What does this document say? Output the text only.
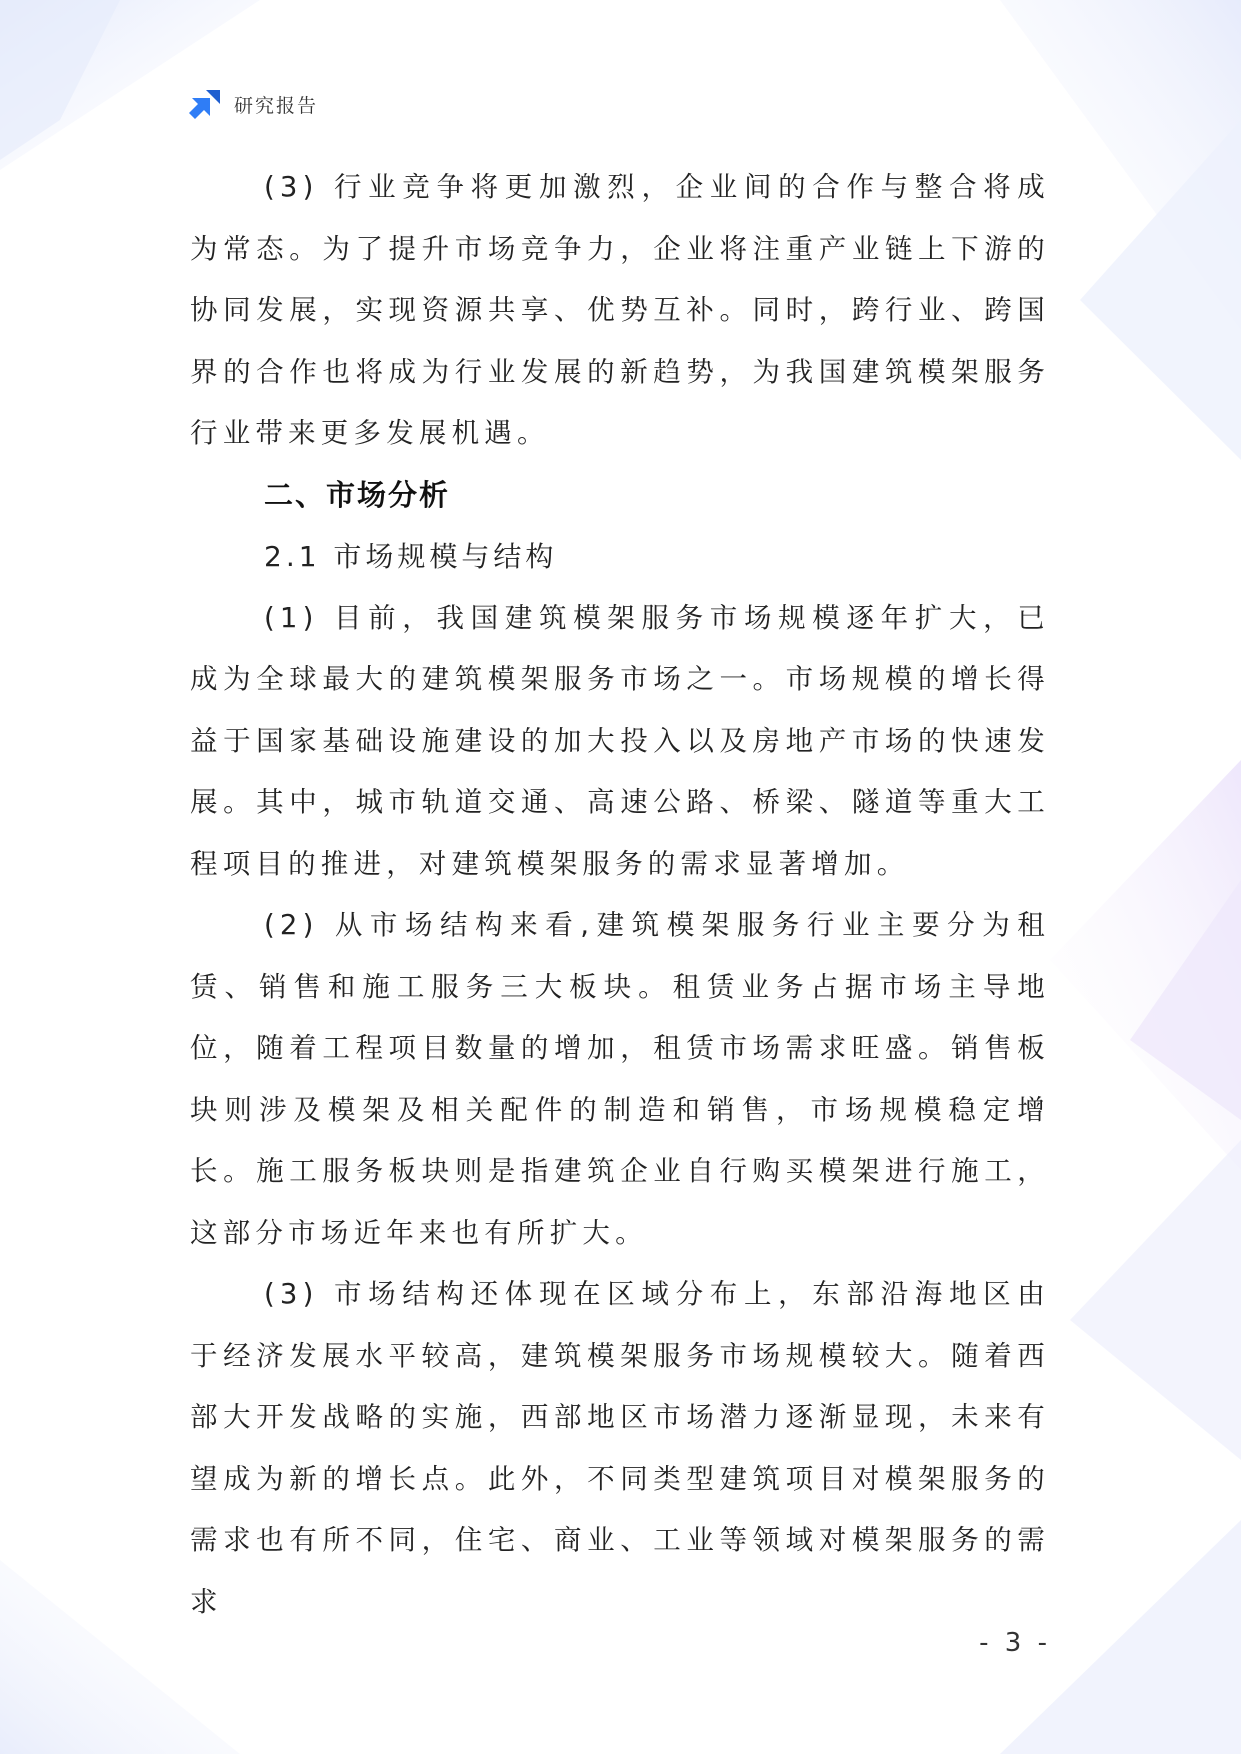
研究报告

(3) 行业竞争将更加激烈，企业间的合作与整合将成为常态。为了提升市场竞争力，企业将注重产业链上下游的协同发展，实现资源共享、优势互补。同时，跨行业、跨国界的合作也将成为行业发展的新趋势，为我国建筑模架服务行业带来更多发展机遇。

二、市场分析

2.1 市场规模与结构

(1) 目前，我国建筑模架服务市场规模逐年扩大，已成为全球最大的建筑模架服务市场之一。市场规模的增长得益于国家基础设施建设的加大投入以及房地产市场的快速发展。其中，城市轨道交通、高速公路、桥梁、隧道等重大工程项目的推进，对建筑模架服务的需求显著增加。

(2) 从市场结构来看,建筑模架服务行业主要分为租赁、销售和施工服务三大板块。租赁业务占据市场主导地位，随着工程项目数量的增加，租赁市场需求旺盛。销售板块则涉及模架及相关配件的制造和销售，市场规模稳定增长。施工服务板块则是指建筑企业自行购买模架进行施工，这部分市场近年来也有所扩大。

(3) 市场结构还体现在区域分布上，东部沿海地区由于经济发展水平较高，建筑模架服务市场规模较大。随着西部大开发战略的实施，西部地区市场潜力逐渐显现，未来有望成为新的增长点。此外，不同类型建筑项目对模架服务的需求也有所不同，住宅、商业、工业等领域对模架服务的需求

- 3 -
